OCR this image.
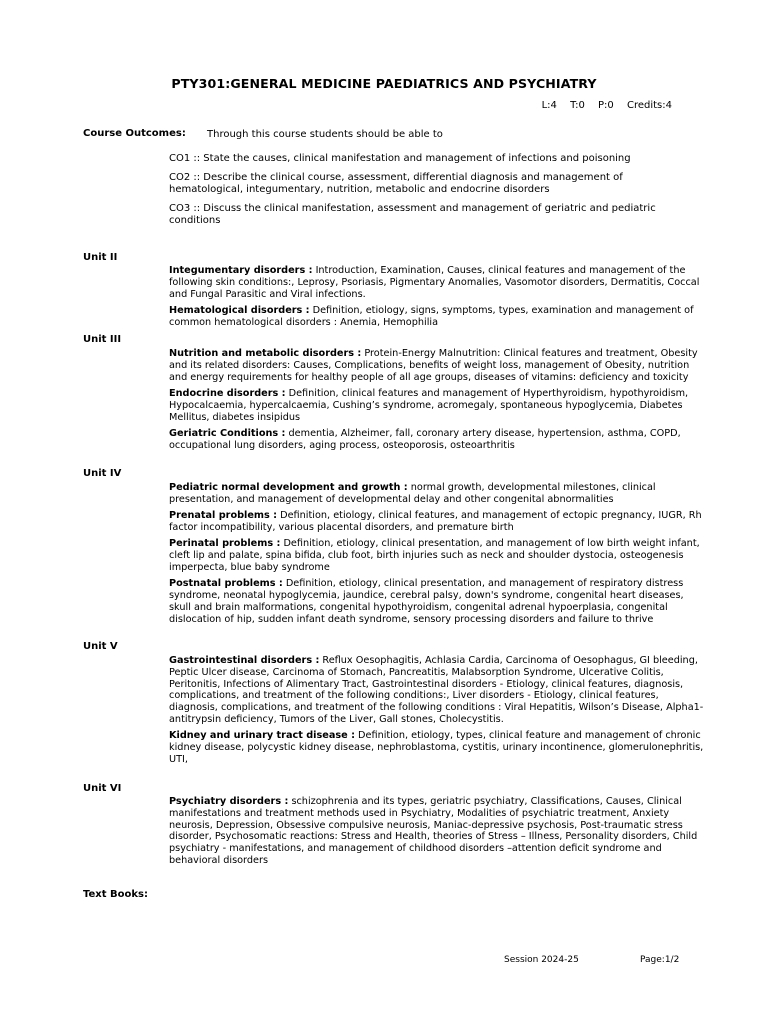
PTY301:GENERAL MEDICINE PAEDIATRICS AND PSYCHIATRY
L:4 T:0 P:0 Credits:4
Course Outcomes: Through this course students should be able to
CO1 :: State the causes, clinical manifestation and management of infections and poisoning
CO2 :: Describe the clinical course, assessment, differential diagnosis and management of hematological, integumentary, nutrition, metabolic and endocrine disorders
CO3 :: Discuss the clinical manifestation, assessment and management of geriatric and pediatric conditions
Unit II
Integumentary disorders : Introduction, Examination, Causes, clinical features and management of the following skin conditions:, Leprosy, Psoriasis, Pigmentary Anomalies, Vasomotor disorders, Dermatitis, Coccal and Fungal Parasitic and Viral infections.
Hematological disorders : Definition, etiology, signs, symptoms, types, examination and management of common hematological disorders : Anemia, Hemophilia
Unit III
Nutrition and metabolic disorders : Protein-Energy Malnutrition: Clinical features and treatment, Obesity and its related disorders: Causes, Complications, benefits of weight loss, management of Obesity, nutrition and energy requirements for healthy people of all age groups, diseases of vitamins: deficiency and toxicity
Endocrine disorders : Definition, clinical features and management of Hyperthyroidism, hypothyroidism, Hypocalcaemia, hypercalcaemia, Cushing’s syndrome, acromegaly, spontaneous hypoglycemia, Diabetes Mellitus, diabetes insipidus
Geriatric Conditions : dementia, Alzheimer, fall, coronary artery disease, hypertension, asthma, COPD, occupational lung disorders, aging process, osteoporosis, osteoarthritis
Unit IV
Pediatric normal development and growth : normal growth, developmental milestones, clinical presentation, and management of developmental delay and other congenital abnormalities
Prenatal problems : Definition, etiology, clinical features, and management of ectopic pregnancy, IUGR, Rh factor incompatibility, various placental disorders, and premature birth
Perinatal problems : Definition, etiology, clinical presentation, and management of low birth weight infant, cleft lip and palate, spina bifida, club foot, birth injuries such as neck and shoulder dystocia, osteogenesis imperpecta, blue baby syndrome
Postnatal problems : Definition, etiology, clinical presentation, and management of respiratory distress syndrome, neonatal hypoglycemia, jaundice, cerebral palsy, down's syndrome, congenital heart diseases, skull and brain malformations, congenital hypothyroidism, congenital adrenal hypoerplasia, congenital dislocation of hip, sudden infant death syndrome, sensory processing disorders and failure to thrive
Unit V
Gastrointestinal disorders : Reflux Oesophagitis, Achlasia Cardia, Carcinoma of Oesophagus, GI bleeding, Peptic Ulcer disease, Carcinoma of Stomach, Pancreatitis, Malabsorption Syndrome, Ulcerative Colitis, Peritonitis, Infections of Alimentary Tract, Gastrointestinal disorders - Etiology, clinical features, diagnosis, complications, and treatment of the following conditions:, Liver disorders - Etiology, clinical features, diagnosis, complications, and treatment of the following conditions : Viral Hepatitis, Wilson’s Disease, Alpha1-antitrypsin deficiency, Tumors of the Liver, Gall stones, Cholecystitis.
Kidney and urinary tract disease : Definition, etiology, types, clinical feature and management of chronic kidney disease, polycystic kidney disease, nephroblastoma, cystitis, urinary incontinence, glomerulonephritis, UTI,
Unit VI
Psychiatry disorders : schizophrenia and its types, geriatric psychiatry, Classifications, Causes, Clinical manifestations and treatment methods used in Psychiatry, Modalities of psychiatric treatment, Anxiety neurosis, Depression, Obsessive compulsive neurosis, Maniac-depressive psychosis, Post-traumatic stress disorder, Psychosomatic reactions: Stress and Health, theories of Stress – Illness, Personality disorders, Child psychiatry - manifestations, and management of childhood disorders –attention deficit syndrome and behavioral disorders
Text Books:
Session 2024-25	Page:1/2
